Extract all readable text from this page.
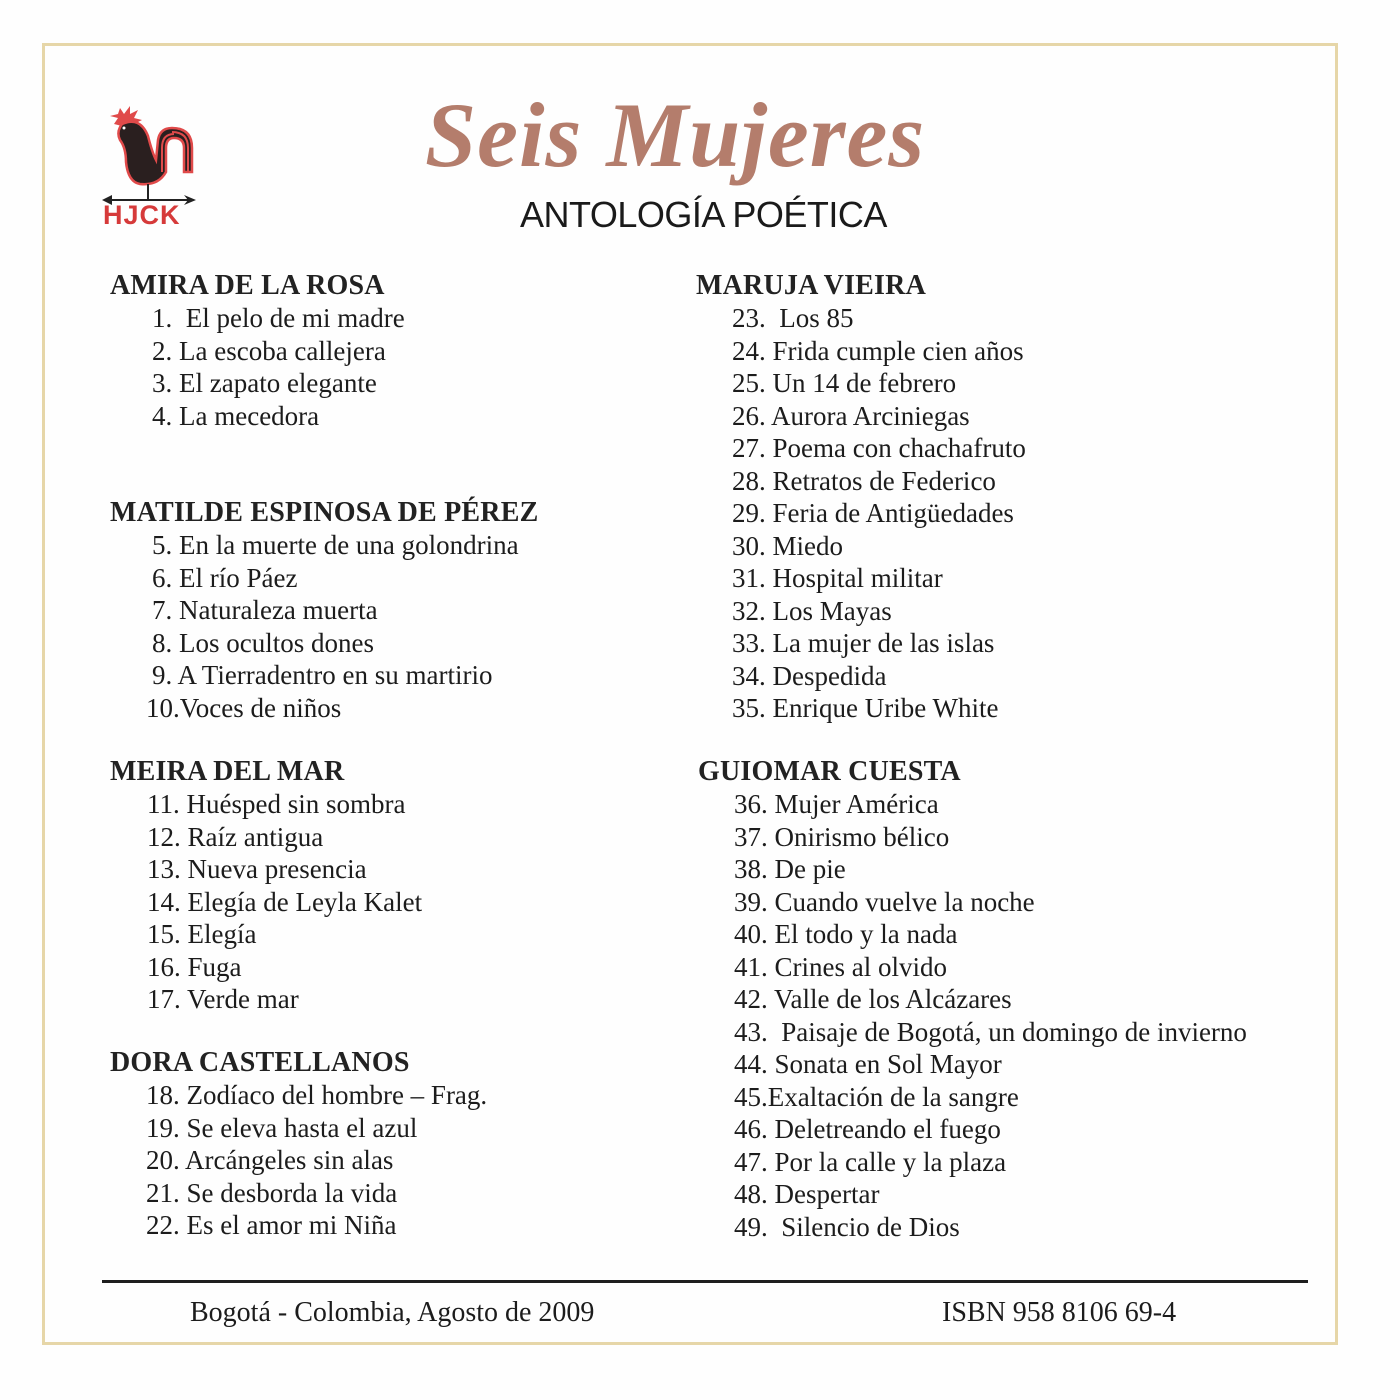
HJCK
Seis Mujeres
ANTOLOGÍA POÉTICA
AMIRA DE LA ROSA
1.  El pelo de mi madre
2. La escoba callejera
3. El zapato elegante
4. La mecedora
MATILDE ESPINOSA DE PÉREZ
5. En la muerte de una golondrina
6. El río Páez
7. Naturaleza muerta
8. Los ocultos dones
9. A Tierradentro en su martirio
10.Voces de niños
MEIRA DEL MAR
11. Huésped sin sombra
12. Raíz antigua
13. Nueva presencia
14. Elegía de Leyla Kalet
15. Elegía
16. Fuga
17. Verde mar
DORA CASTELLANOS
18. Zodíaco del hombre – Frag.
19. Se eleva hasta el azul
20. Arcángeles sin alas
21. Se desborda la vida
22. Es el amor mi Niña
MARUJA VIEIRA
23.  Los 85
24. Frida cumple cien años
25. Un 14 de febrero
26. Aurora Arciniegas
27. Poema con chachafruto
28. Retratos de Federico
29. Feria de Antigüedades
30. Miedo
31. Hospital militar
32. Los Mayas
33. La mujer de las islas
34. Despedida
35. Enrique Uribe White
GUIOMAR CUESTA
36. Mujer América
37. Onirismo bélico
38. De pie
39. Cuando vuelve la noche
40. El todo y la nada
41. Crines al olvido
42. Valle de los Alcázares
43.  Paisaje de Bogotá, un domingo de invierno
44. Sonata en Sol Mayor
45.Exaltación de la sangre
46. Deletreando el fuego
47. Por la calle y la plaza
48. Despertar
49.  Silencio de Dios
Bogotá - Colombia, Agosto de 2009	ISBN 958 8106 69-4
